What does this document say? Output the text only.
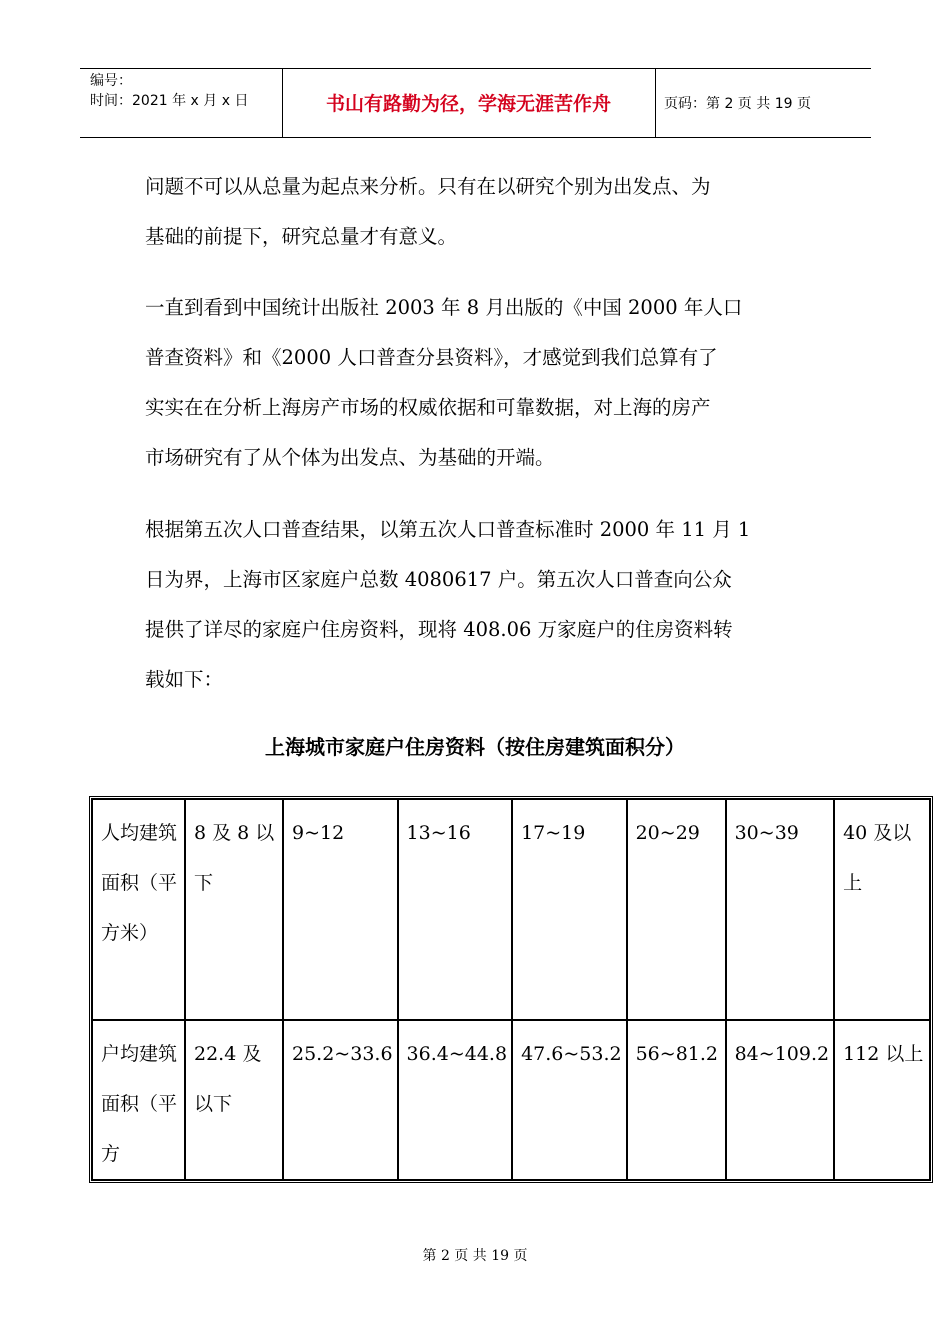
编号：
时间：2021 年 x 月 x 日	书山有路勤为径，学海无涯苦作舟	页码：第 2 页 共 19 页

问题不可以从总量为起点来分析。只有在以研究个别为出发点、为

基础的前提下，研究总量才有意义。

一直到看到中国统计出版社 2003 年 8 月出版的《中国 2000 年人口

普查资料》和《2000 人口普查分县资料》，才感觉到我们总算有了

实实在在分析上海房产市场的权威依据和可靠数据，对上海的房产

市场研究有了从个体为出发点、为基础的开端。

根据第五次人口普查结果，以第五次人口普查标准时 2000 年 11 月 1

日为界，上海市区家庭户总数 4080617 户。第五次人口普查向公众

提供了详尽的家庭户住房资料，现将 408.06 万家庭户的住房资料转

载如下：

上海城市家庭户住房资料（按住房建筑面积分）
人均建筑面积（平方米）	8 及 8 以下	9~12	13~16	17~19	20~29	30~39	40 及以上
户均建筑面积（平方	22.4 及以下	25.2~33.6	36.4~44.8	47.6~53.2	56~81.2	84~109.2	112 以上
第 2 页 共 19 页
